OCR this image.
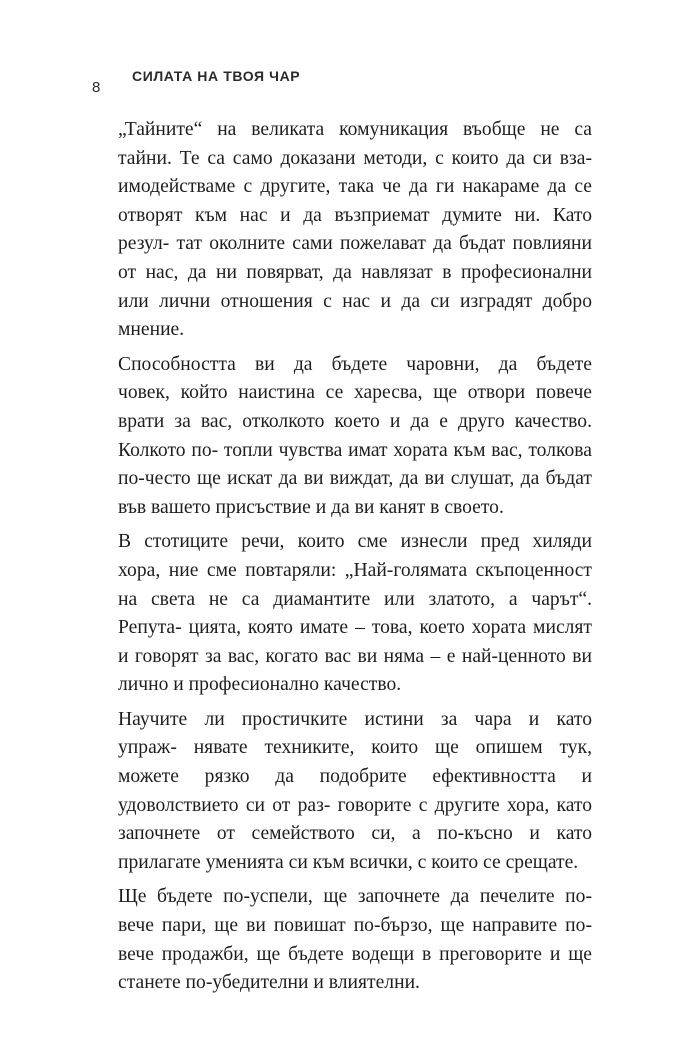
8
СИЛАТА НА ТВОЯ ЧАР

„Тайните“ на великата комуникация въобще не са
тайни. Те са само доказани методи, с които да си вза-
имодействаме с другите, така че да ги накараме да се
отворят към нас и да възприемат думите ни. Като
резул- тат околните сами пожелават да бъдат повлияни
от нас, да ни повярват, да навлязат в професионални
или лични отношения с нас и да си изградят добро
мнение.

Способността ви да бъдете чаровни, да бъдете
човек, който наистина се харесва, ще отвори повече
врати за вас, отколкото което и да е друго качество.
Колкото по- топли чувства имат хората към вас, толкова
по-често ще искат да ви виждат, да ви слушат, да бъдат
във вашето присъствие и да ви канят в своето.

В стотиците речи, които сме изнесли пред хиляди
хора, ние сме повтаряли: „Най-голямата скъпоценност
на света не са диамантите или златото, а чарът“.
Репута- цията, която имате – това, което хората мислят
и говорят за вас, когато вас ви няма – е най-ценното ви
лично и професионално качество.

Научите ли простичките истини за чара и като
упраж- нявате техниките, които ще опишем тук,
можете рязко да подобрите ефективността и
удоволствието си от раз- говорите с другите хора, като
започнете от семейството си, а по-късно и като
прилагате уменията си към всички, с които се срещате.

Ще бъдете по-успели, ще започнете да печелите по-
вече пари, ще ви повишат по-бързо, ще направите по-
вече продажби, ще бъдете водещи в преговорите и ще
станете по-убедителни и влиятелни.
